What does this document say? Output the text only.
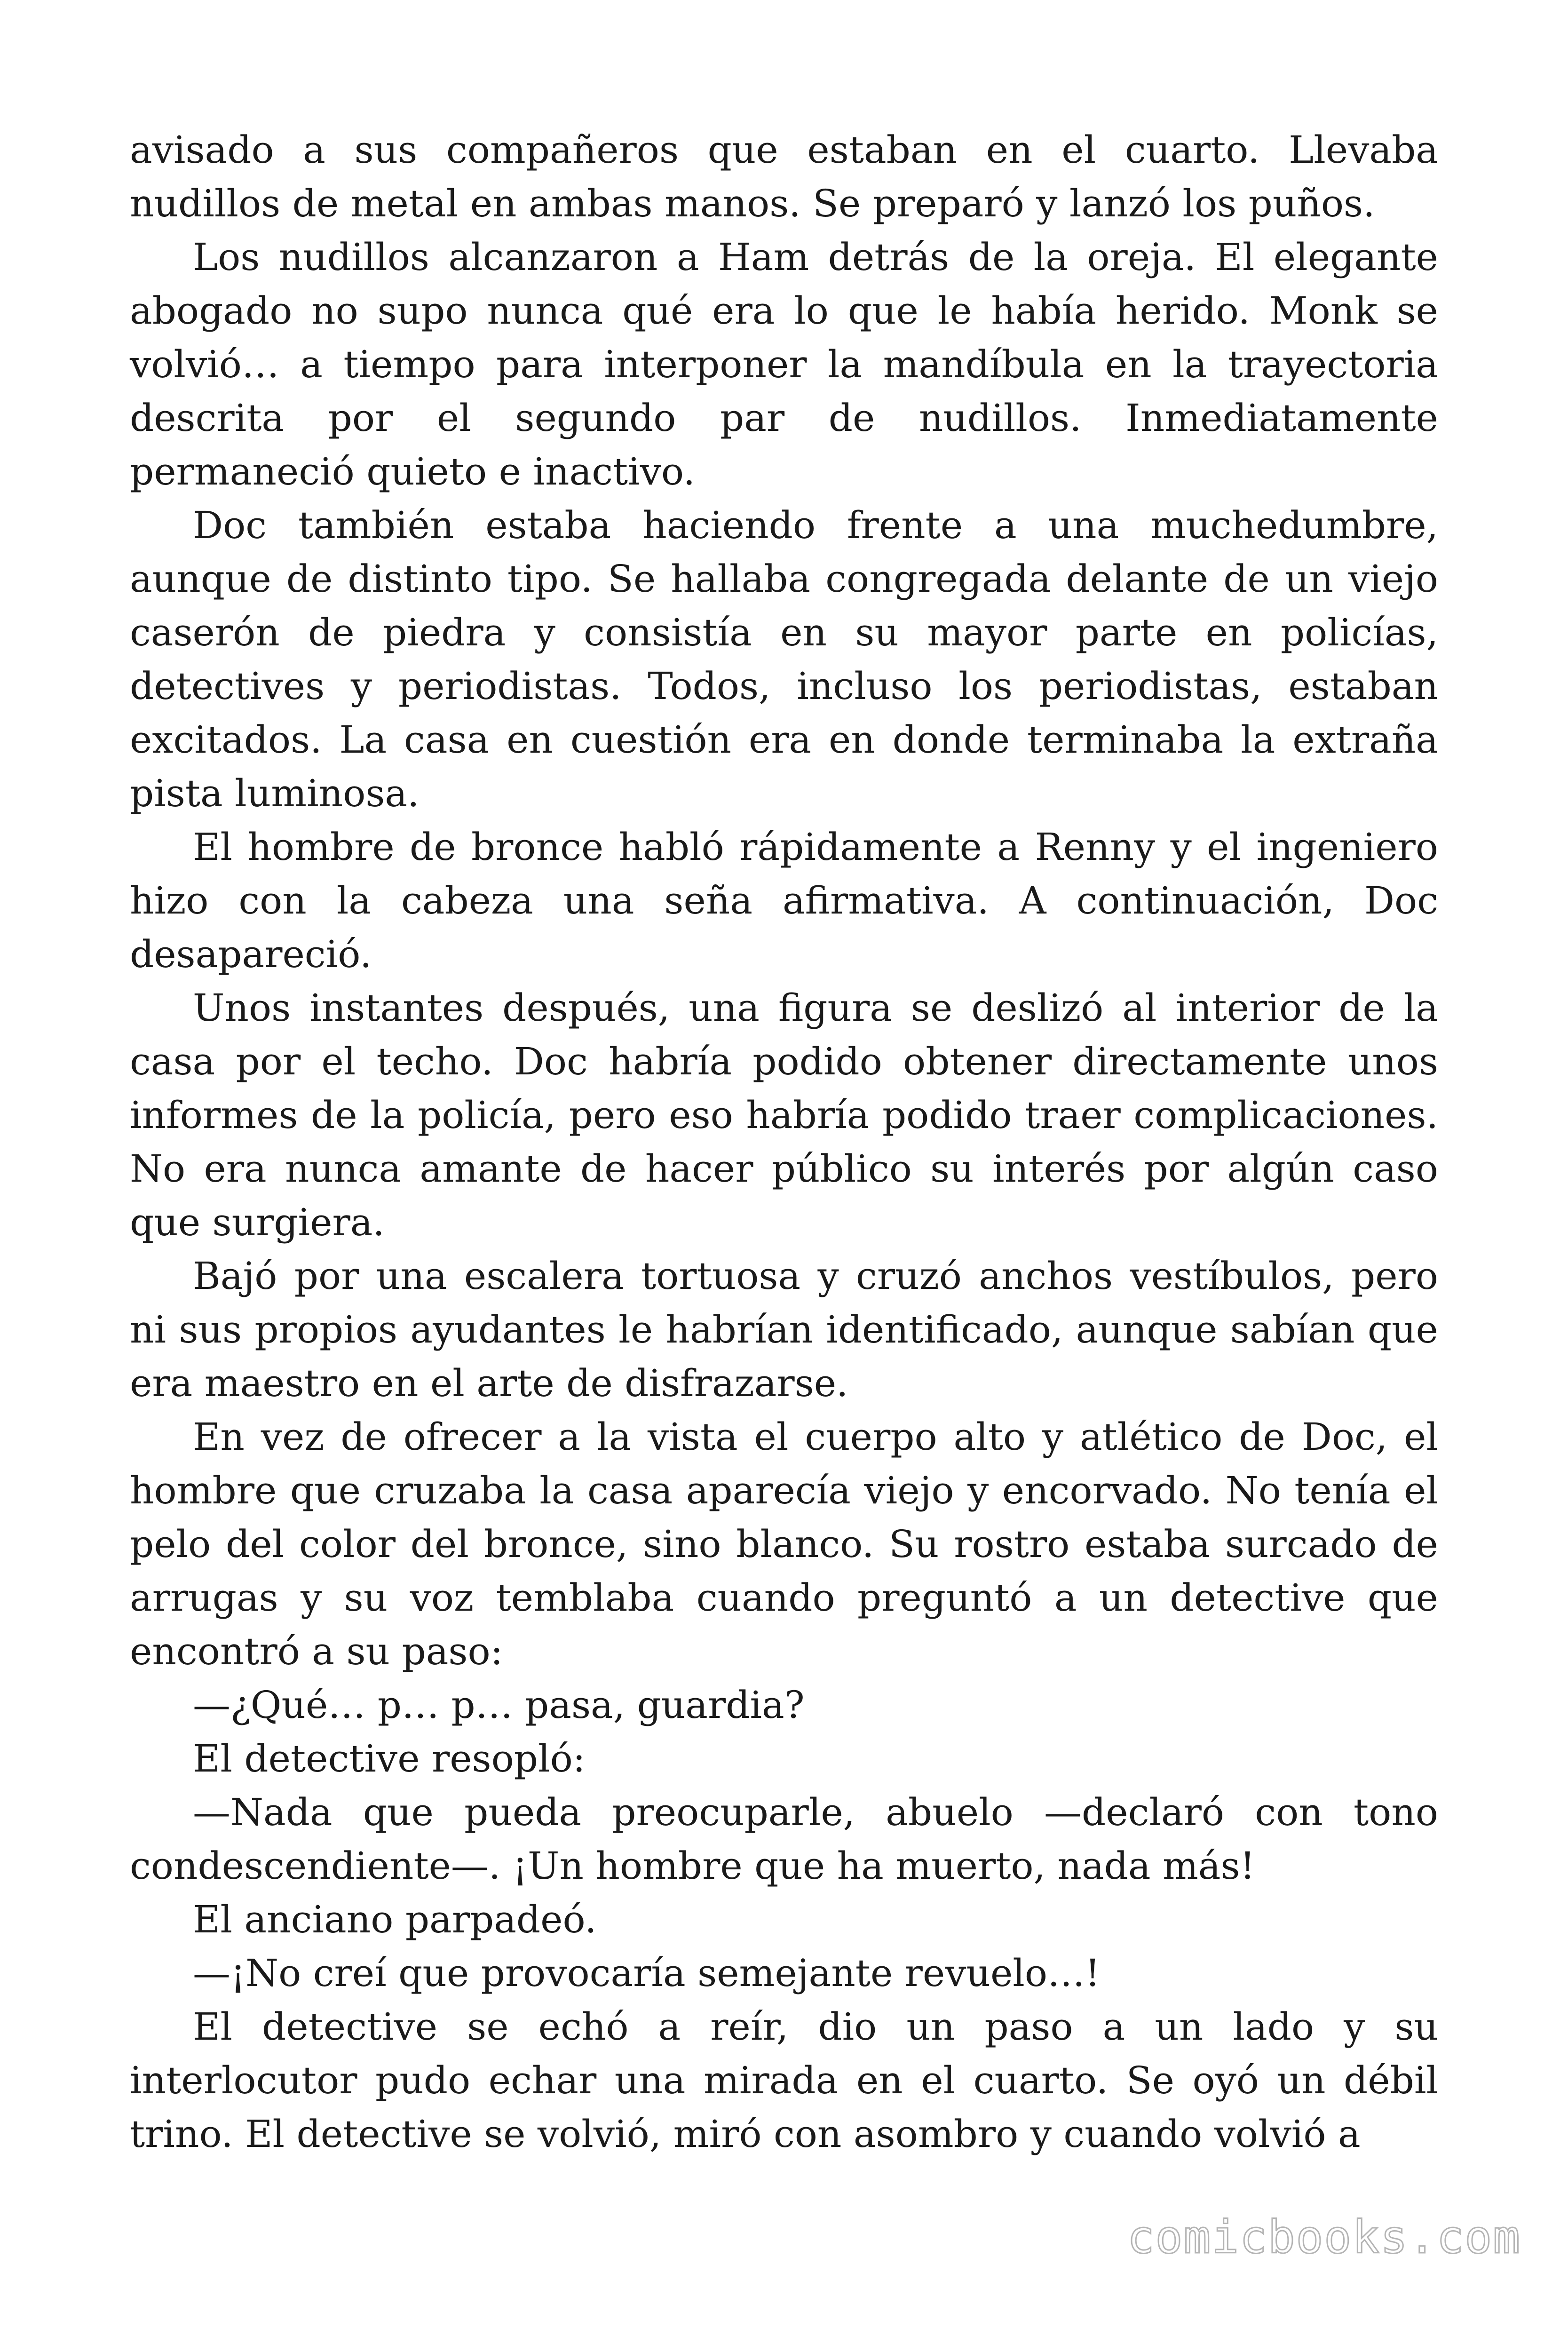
avisado a sus compañeros que estaban en el cuarto. Llevaba nudillos de metal en ambas manos. Se preparó y lanzó los puños.

Los nudillos alcanzaron a Ham detrás de la oreja. El elegante abogado no supo nunca qué era lo que le había herido. Monk se volvió… a tiempo para interponer la mandíbula en la trayectoria descrita por el segundo par de nudillos. Inmediatamente permaneció quieto e inactivo.

Doc también estaba haciendo frente a una muchedumbre, aunque de distinto tipo. Se hallaba congregada delante de un viejo caserón de piedra y consistía en su mayor parte en policías, detectives y periodistas. Todos, incluso los periodistas, estaban excitados. La casa en cuestión era en donde terminaba la extraña pista luminosa.

El hombre de bronce habló rápidamente a Renny y el ingeniero hizo con la cabeza una seña afirmativa. A continuación, Doc desapareció.

Unos instantes después, una figura se deslizó al interior de la casa por el techo. Doc habría podido obtener directamente unos informes de la policía, pero eso habría podido traer complicaciones. No era nunca amante de hacer público su interés por algún caso que surgiera.

Bajó por una escalera tortuosa y cruzó anchos vestíbulos, pero ni sus propios ayudantes le habrían identificado, aunque sabían que era maestro en el arte de disfrazarse.

En vez de ofrecer a la vista el cuerpo alto y atlético de Doc, el hombre que cruzaba la casa aparecía viejo y encorvado. No tenía el pelo del color del bronce, sino blanco. Su rostro estaba surcado de arrugas y su voz temblaba cuando preguntó a un detective que encontró a su paso:

—¿Qué… p… p… pasa, guardia?

El detective resopló:

—Nada que pueda preocuparle, abuelo —declaró con tono condescendiente—. ¡Un hombre que ha muerto, nada más!

El anciano parpadeó.

—¡No creí que provocaría semejante revuelo…!

El detective se echó a reír, dio un paso a un lado y su interlocutor pudo echar una mirada en el cuarto. Se oyó un débil trino. El detective se volvió, miró con asombro y cuando volvió a

comicbooks.com
